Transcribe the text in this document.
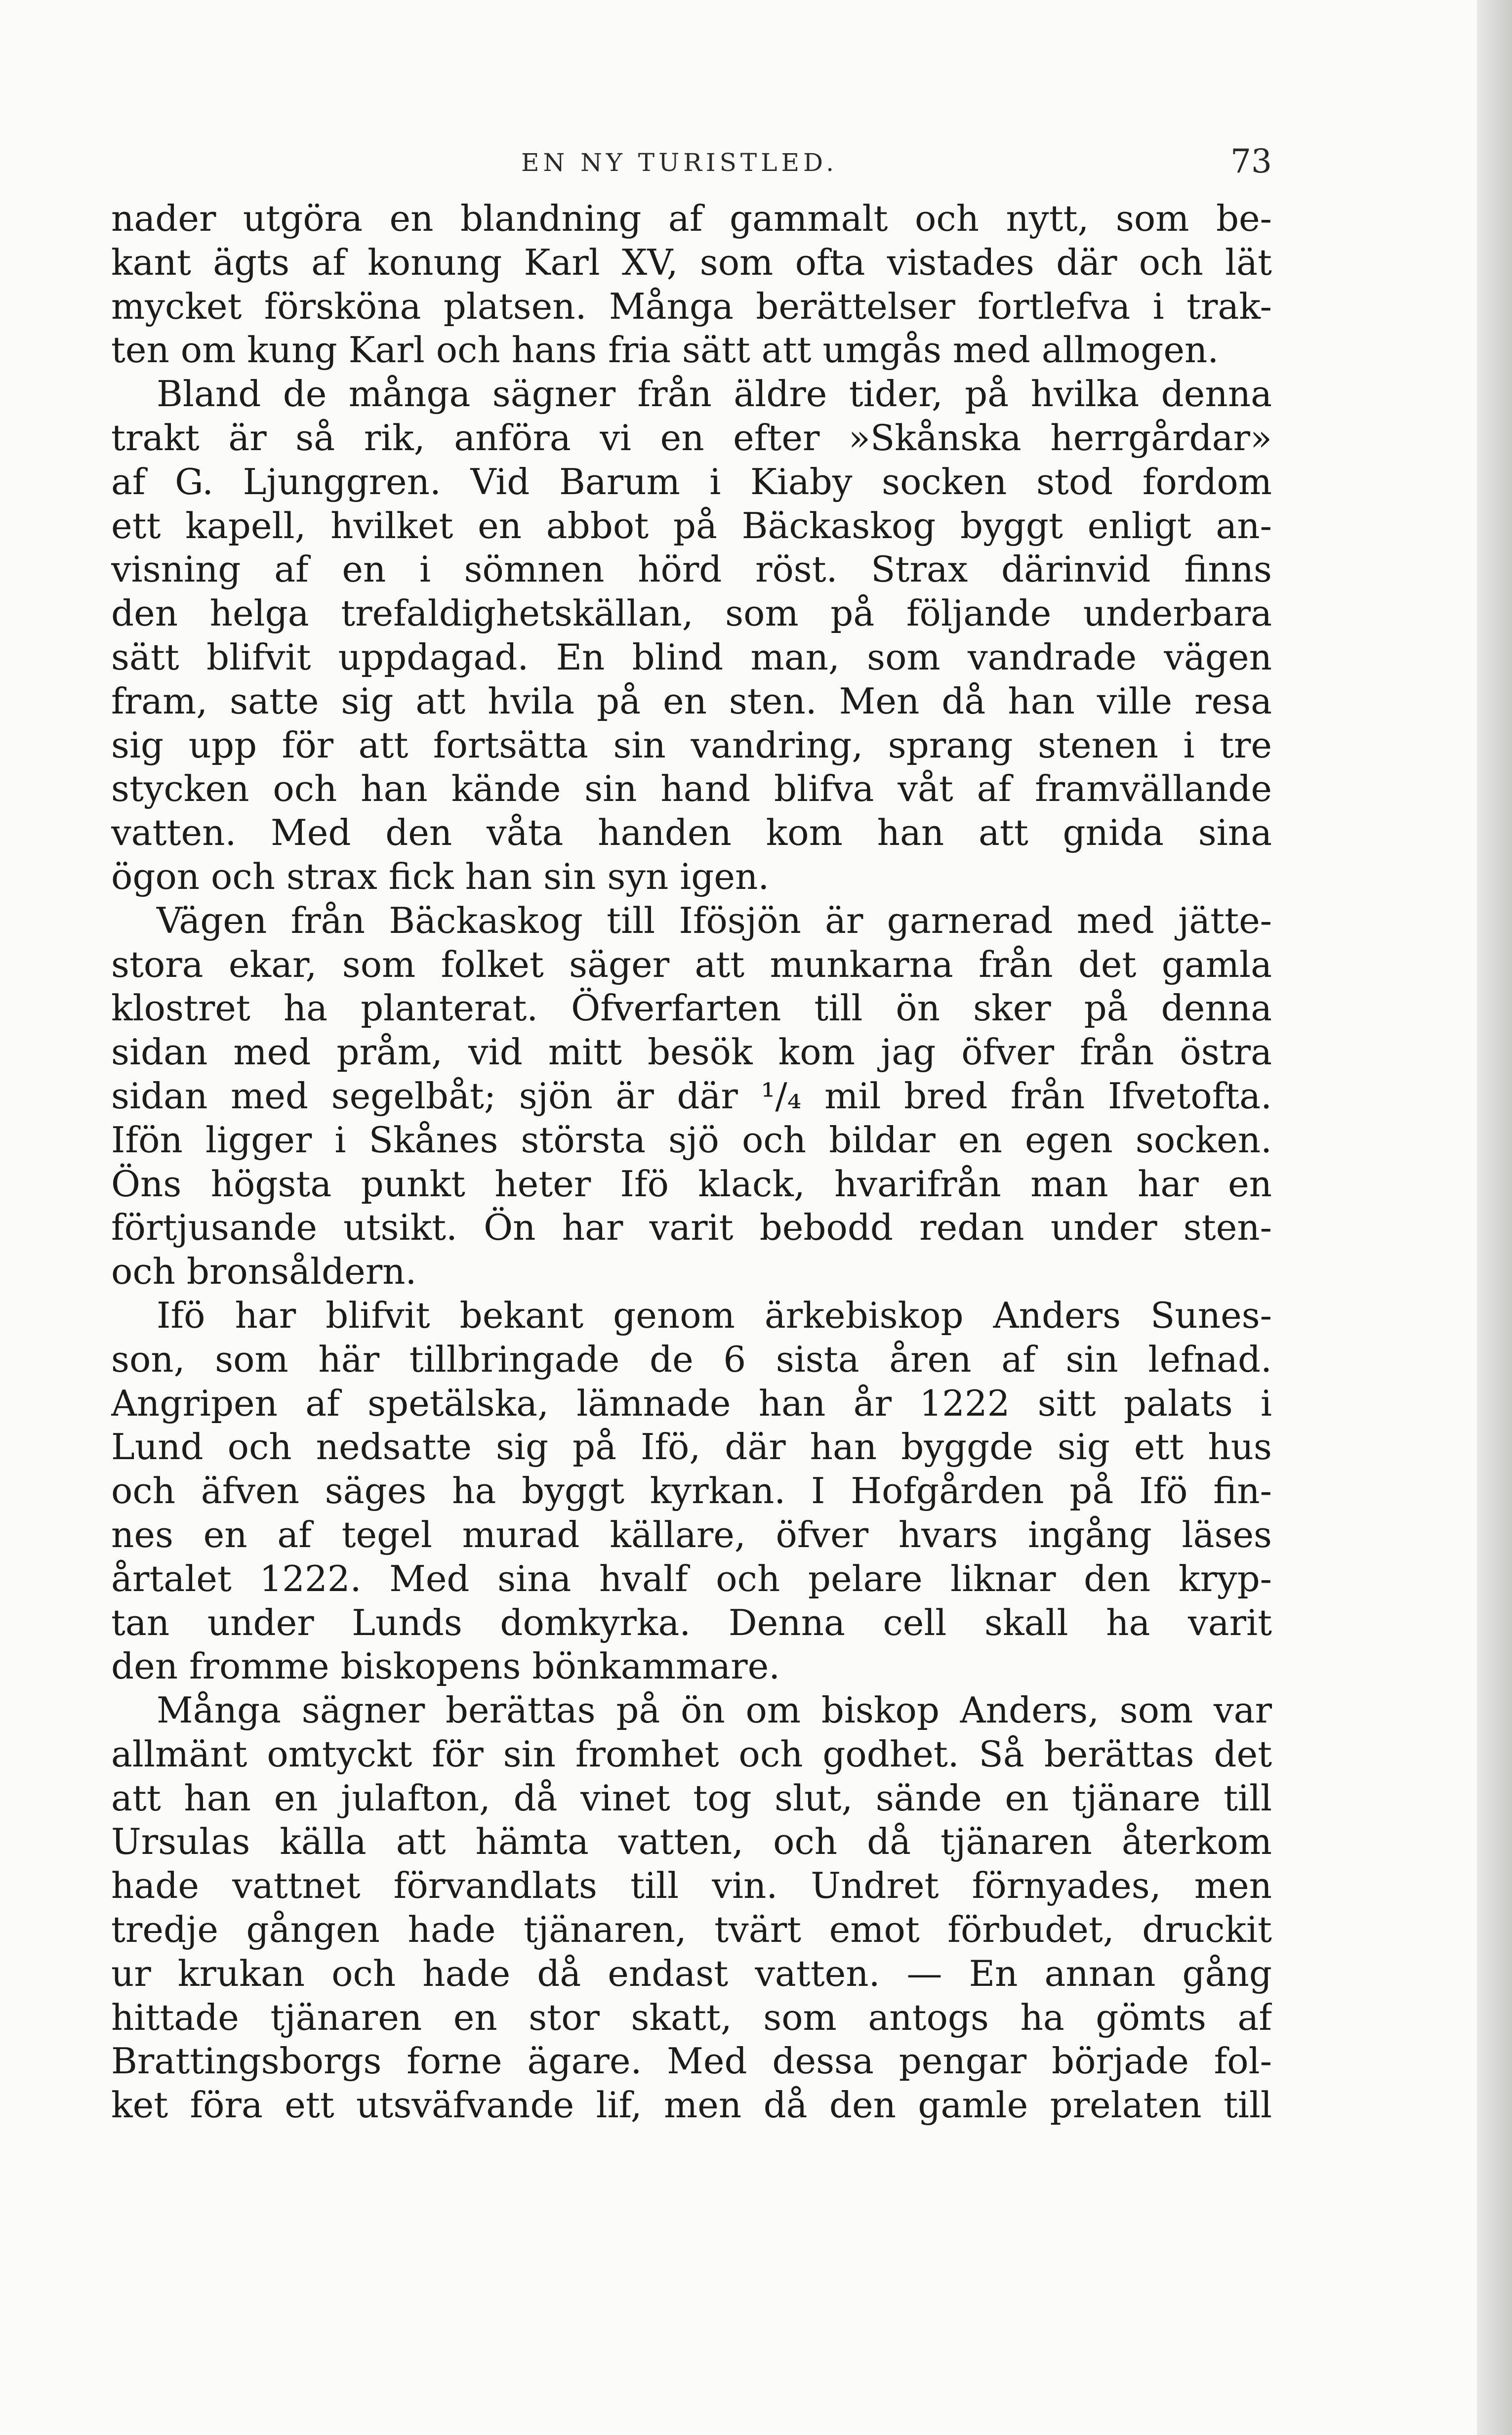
EN NY TURISTLED.	73
nader utgöra en blandning af gammalt och nytt, som be-
kant ägts af konung Karl XV, som ofta vistades där och lät
mycket försköna platsen. Många berättelser fortlefva i trak-
ten om kung Karl och hans fria sätt att umgås med allmogen.
Bland de många sägner från äldre tider, på hvilka denna
trakt är så rik, anföra vi en efter »Skånska herrgårdar»
af G. Ljunggren. Vid Barum i Kiaby socken stod fordom
ett kapell, hvilket en abbot på Bäckaskog byggt enligt an-
visning af en i sömnen hörd röst. Strax därinvid finns
den helga trefaldighetskällan, som på följande underbara
sätt blifvit uppdagad. En blind man, som vandrade vägen
fram, satte sig att hvila på en sten. Men då han ville resa
sig upp för att fortsätta sin vandring, sprang stenen i tre
stycken och han kände sin hand blifva våt af framvällande
vatten. Med den våta handen kom han att gnida sina
ögon och strax fick han sin syn igen.
Vägen från Bäckaskog till Ifösjön är garnerad med jätte-
stora ekar, som folket säger att munkarna från det gamla
klostret ha planterat. Öfverfarten till ön sker på denna
sidan med pråm, vid mitt besök kom jag öfver från östra
sidan med segelbåt; sjön är där ¹/₄ mil bred från Ifvetofta.
Ifön ligger i Skånes största sjö och bildar en egen socken.
Öns högsta punkt heter Ifö klack, hvarifrån man har en
förtjusande utsikt. Ön har varit bebodd redan under sten-
och bronsåldern.
Ifö har blifvit bekant genom ärkebiskop Anders Sunes-
son, som här tillbringade de 6 sista åren af sin lefnad.
Angripen af spetälska, lämnade han år 1222 sitt palats i
Lund och nedsatte sig på Ifö, där han byggde sig ett hus
och äfven säges ha byggt kyrkan. I Hofgården på Ifö fin-
nes en af tegel murad källare, öfver hvars ingång läses
årtalet 1222. Med sina hvalf och pelare liknar den kryp-
tan under Lunds domkyrka. Denna cell skall ha varit
den fromme biskopens bönkammare.
Många sägner berättas på ön om biskop Anders, som var
allmänt omtyckt för sin fromhet och godhet. Så berättas det
att han en julafton, då vinet tog slut, sände en tjänare till
Ursulas källa att hämta vatten, och då tjänaren återkom
hade vattnet förvandlats till vin. Undret förnyades, men
tredje gången hade tjänaren, tvärt emot förbudet, druckit
ur krukan och hade då endast vatten. — En annan gång
hittade tjänaren en stor skatt, som antogs ha gömts af
Brattingsborgs forne ägare. Med dessa pengar började fol-
ket föra ett utsväfvande lif, men då den gamle prelaten till
